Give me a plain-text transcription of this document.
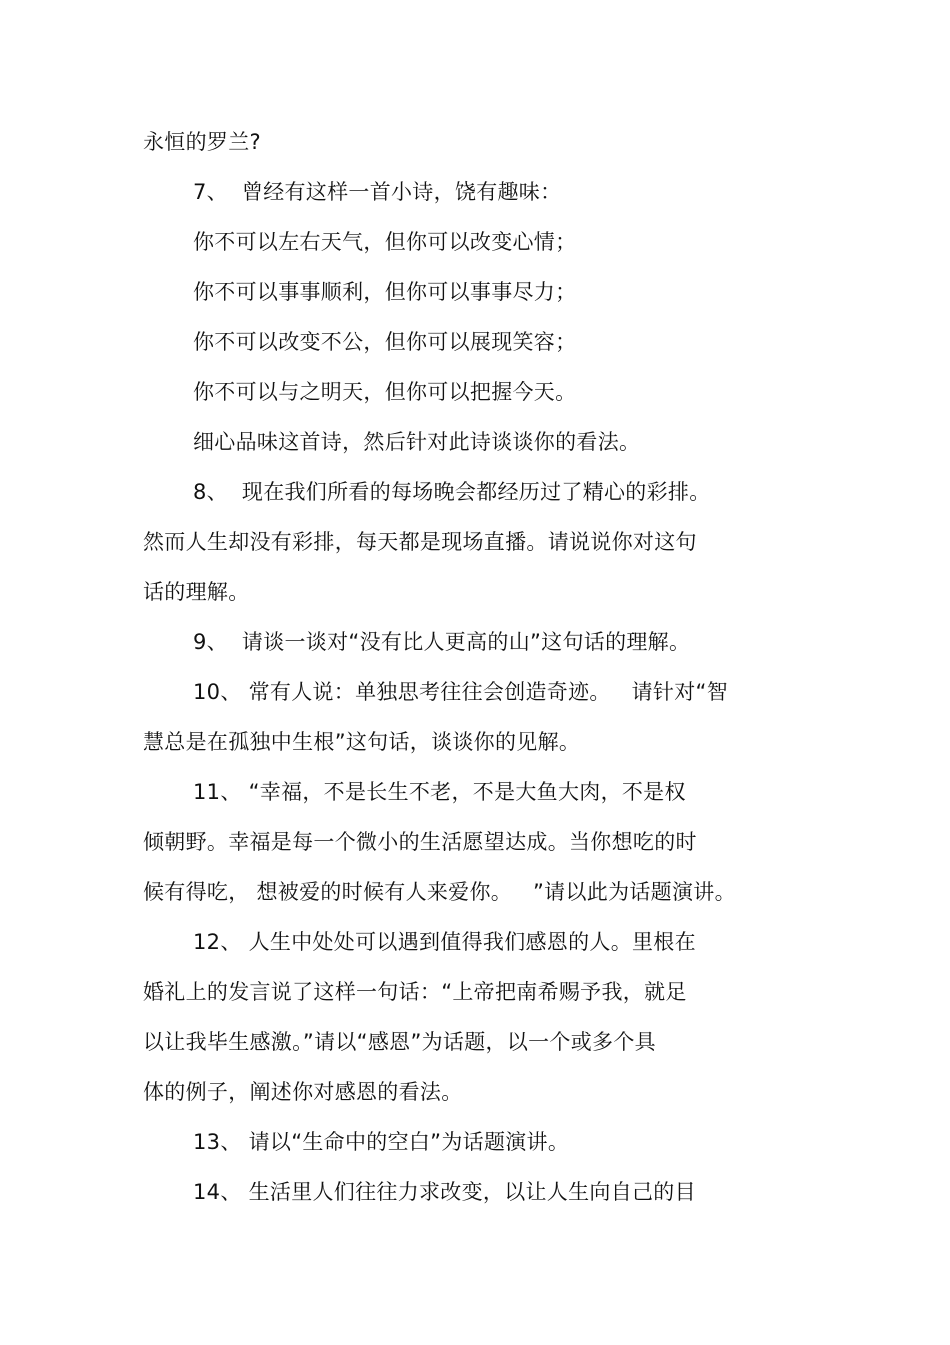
永恒的罗兰?
7、  曾经有这样一首小诗，饶有趣味：
你不可以左右天气，但你可以改变心情；
你不可以事事顺利，但你可以事事尽力；
你不可以改变不公，但你可以展现笑容；
你不可以与之明天，但你可以把握今天。
细心品味这首诗，然后针对此诗谈谈你的看法。
8、  现在我们所看的每场晚会都经历过了精心的彩排。
然而人生却没有彩排，每天都是现场直播。请说说你对这句
话的理解。
9、  请谈一谈对“没有比人更高的山”这句话的理解。
10、 常有人说：单独思考往往会创造奇迹。   请针对“智
慧总是在孤独中生根”这句话，谈谈你的见解。
11、 “幸福，不是长生不老，不是大鱼大肉，不是权
倾朝野。幸福是每一个微小的生活愿望达成。当你想吃的时
候有得吃， 想被爱的时候有人来爱你。   ”请以此为话题演讲。
12、 人生中处处可以遇到值得我们感恩的人。里根在
婚礼上的发言说了这样一句话：“上帝把南希赐予我，就足
以让我毕生感激。”请以“感恩”为话题，以一个或多个具
体的例子，阐述你对感恩的看法。
13、 请以“生命中的空白”为话题演讲。
14、 生活里人们往往力求改变，以让人生向自己的目
